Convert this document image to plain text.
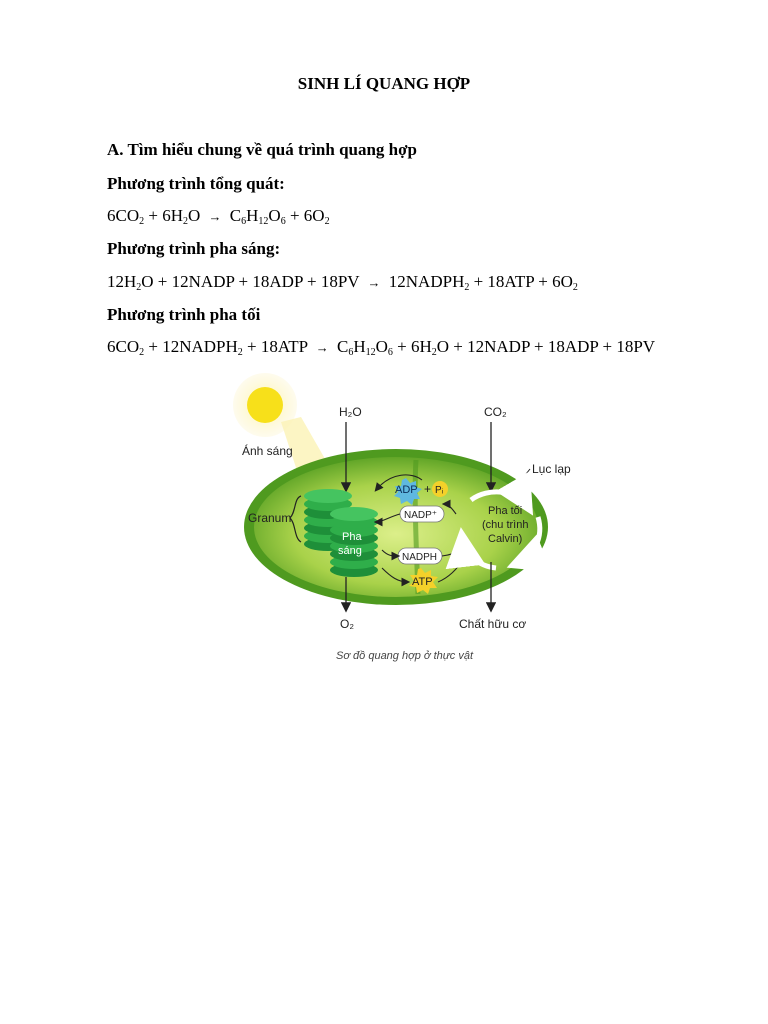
SINH LÍ QUANG HỢP

A. Tìm hiểu chung về quá trình quang hợp

Phương trình tổng quát:

$6CO_2 + 6H_2O \to C_6H_{12}O_6 + 6O_2$

Phương trình pha sáng:

$12H_2O$ + 12NADP + $18ADP + 18PV \to 12NADPH_2 + 18ATP + 6O_2$

Phương trình pha tối

$6CO_2$ + $12NADPH_2 + 18ATP \to C_6H_{12}O_6 + 6H_2O$ + 12NADP + 18ADP + 18PV

Ánh sáng
H₂O	CO₂
Lục lạp
Granum
Pha
sáng
ADP + Pᵢ
NADP⁺
NADPH
ATP
Pha tối
(chu trình
Calvin)
O₂	Chất hữu cơ
Sơ đồ quang hợp ở thực vật
